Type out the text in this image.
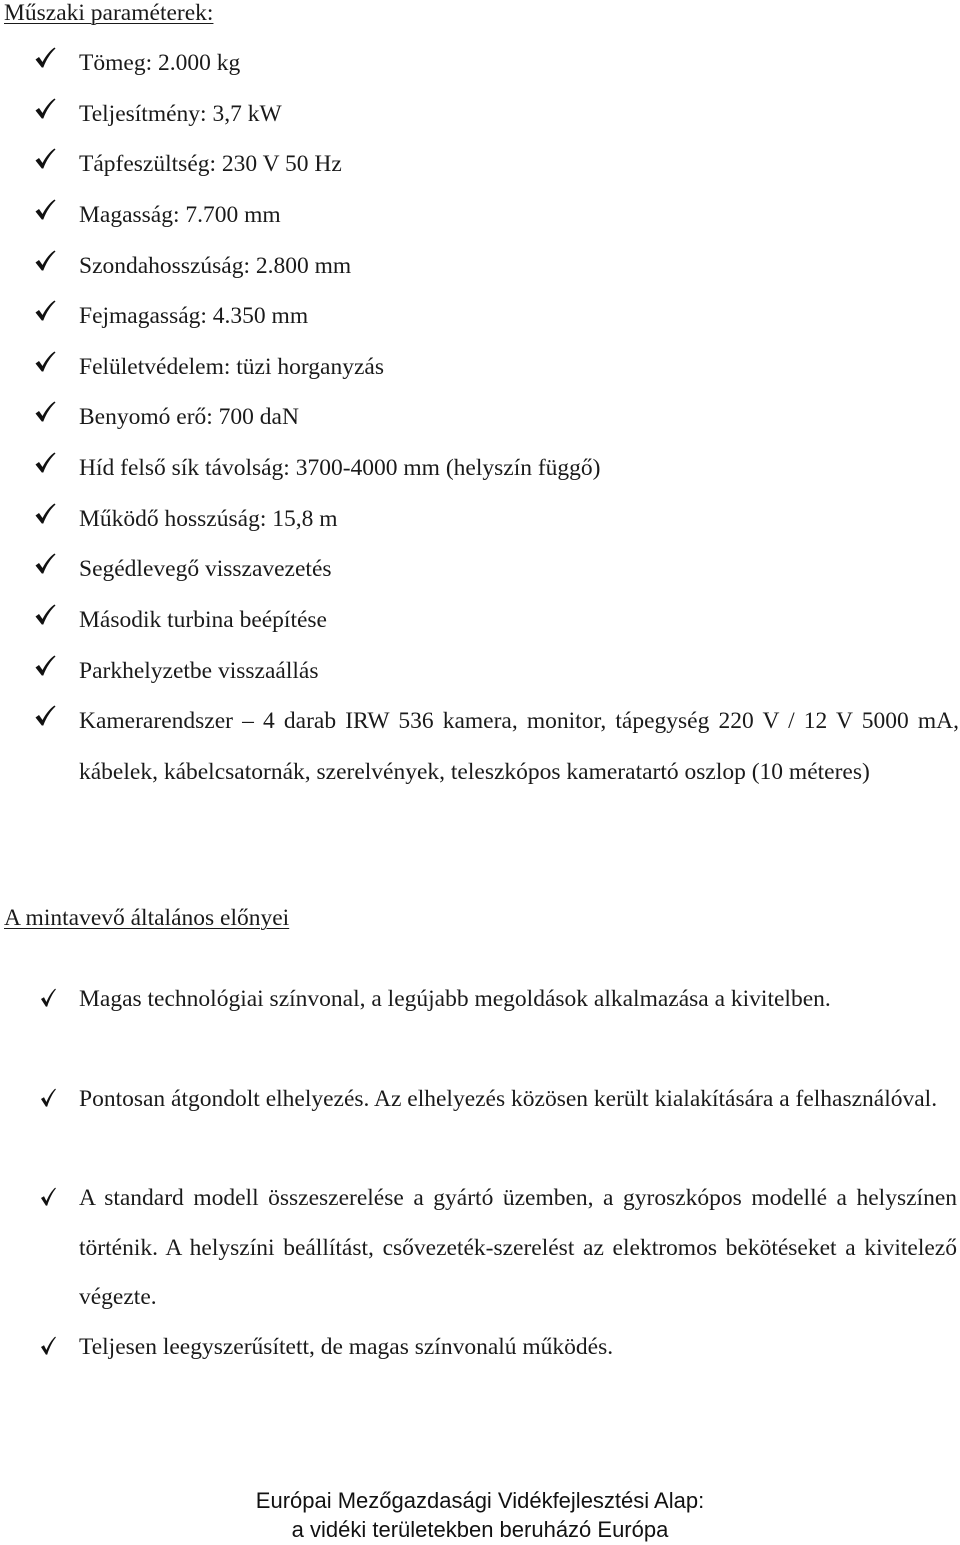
Műszaki paraméterek:
Tömeg: 2.000 kg
Teljesítmény: 3,7 kW
Tápfeszültség: 230 V 50 Hz
Magasság: 7.700 mm
Szondahosszúság: 2.800 mm
Fejmagasság: 4.350 mm
Felületvédelem: tüzi horganyzás
Benyomó erő: 700 daN
Híd felső sík távolság: 3700-4000 mm (helyszín függő)
Működő hosszúság: 15,8 m
Segédlevegő visszavezetés
Második turbina beépítése
Parkhelyzetbe visszaállás
Kamerarendszer – 4 darab IRW 536 kamera, monitor, tápegység 220 V / 12 V 5000 mA, kábelek, kábelcsatornák, szerelvények, teleszkópos kameratartó oszlop (10 méteres)
A mintavevő általános előnyei
Magas technológiai színvonal, a legújabb megoldások alkalmazása a kivitelben.
Pontosan átgondolt elhelyezés. Az elhelyezés közösen került kialakítására a felhasználóval.
A standard modell összeszerelése a gyártó üzemben, a gyroszkópos modellé a helyszínen történik. A helyszíni beállítást, csővezeték-szerelést az elektromos bekötéseket a kivitelező végezte.
Teljesen leegyszerűsített, de magas színvonalú működés.
Európai Mezőgazdasági Vidékfejlesztési Alap:
a vidéki területekben beruházó Európa
